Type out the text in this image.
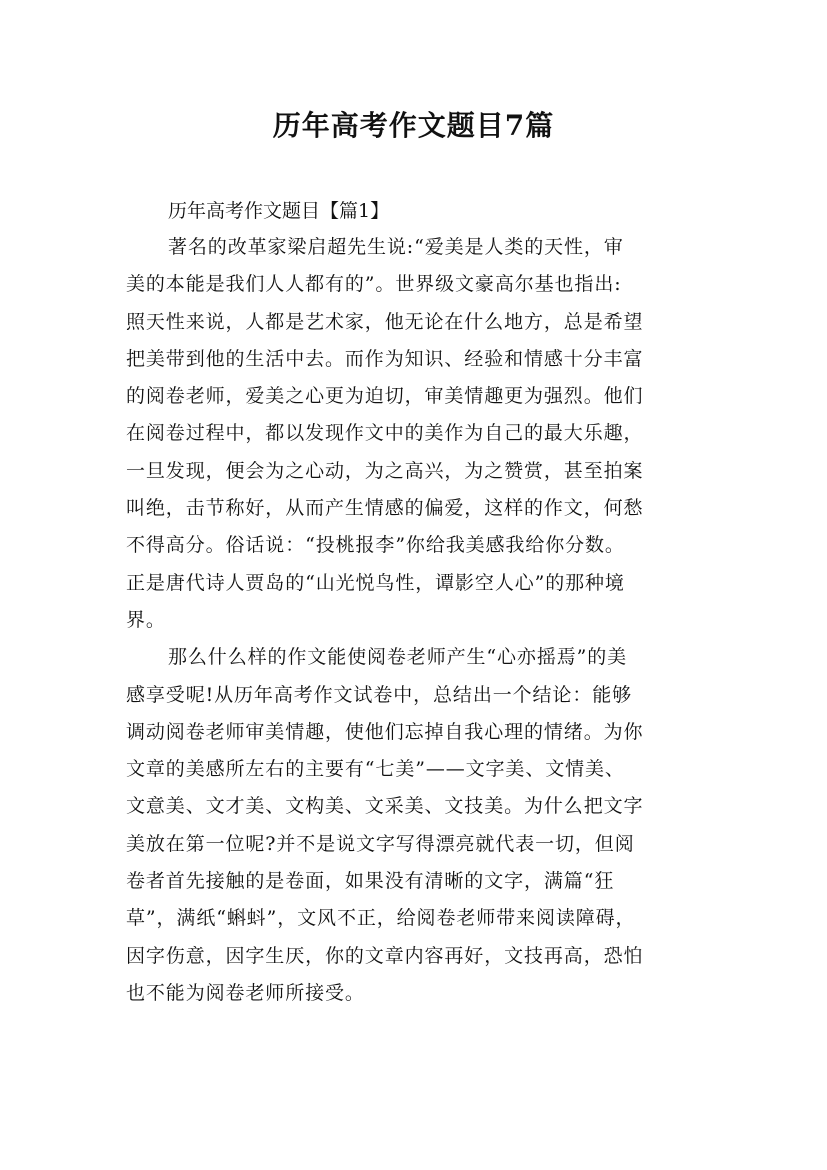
历年高考作文题目7篇

历年高考作文题目【篇1】

著名的改革家梁启超先生说:“爱美是人类的天性，审
美的本能是我们人人都有的”。世界级文豪高尔基也指出:
照天性来说，人都是艺术家，他无论在什么地方，总是希望
把美带到他的生活中去。而作为知识、经验和情感十分丰富
的阅卷老师，爱美之心更为迫切，审美情趣更为强烈。他们
在阅卷过程中，都以发现作文中的美作为自己的最大乐趣，
一旦发现，便会为之心动，为之高兴，为之赞赏，甚至拍案
叫绝，击节称好，从而产生情感的偏爱，这样的作文，何愁
不得高分。俗话说：“投桃报李”你给我美感我给你分数。
正是唐代诗人贾岛的“山光悦鸟性，谭影空人心”的那种境
界。
那么什么样的作文能使阅卷老师产生“心亦摇焉”的美
感享受呢!从历年高考作文试卷中，总结出一个结论：能够
调动阅卷老师审美情趣，使他们忘掉自我心理的情绪。为你
文章的美感所左右的主要有“七美”——文字美、文情美、
文意美、文才美、文构美、文采美、文技美。为什么把文字
美放在第一位呢?并不是说文字写得漂亮就代表一切，但阅
卷者首先接触的是卷面，如果没有清晰的文字，满篇“狂
草”，满纸“蝌蚪”，文风不正，给阅卷老师带来阅读障碍，
因字伤意，因字生厌，你的文章内容再好，文技再高，恐怕
也不能为阅卷老师所接受。
